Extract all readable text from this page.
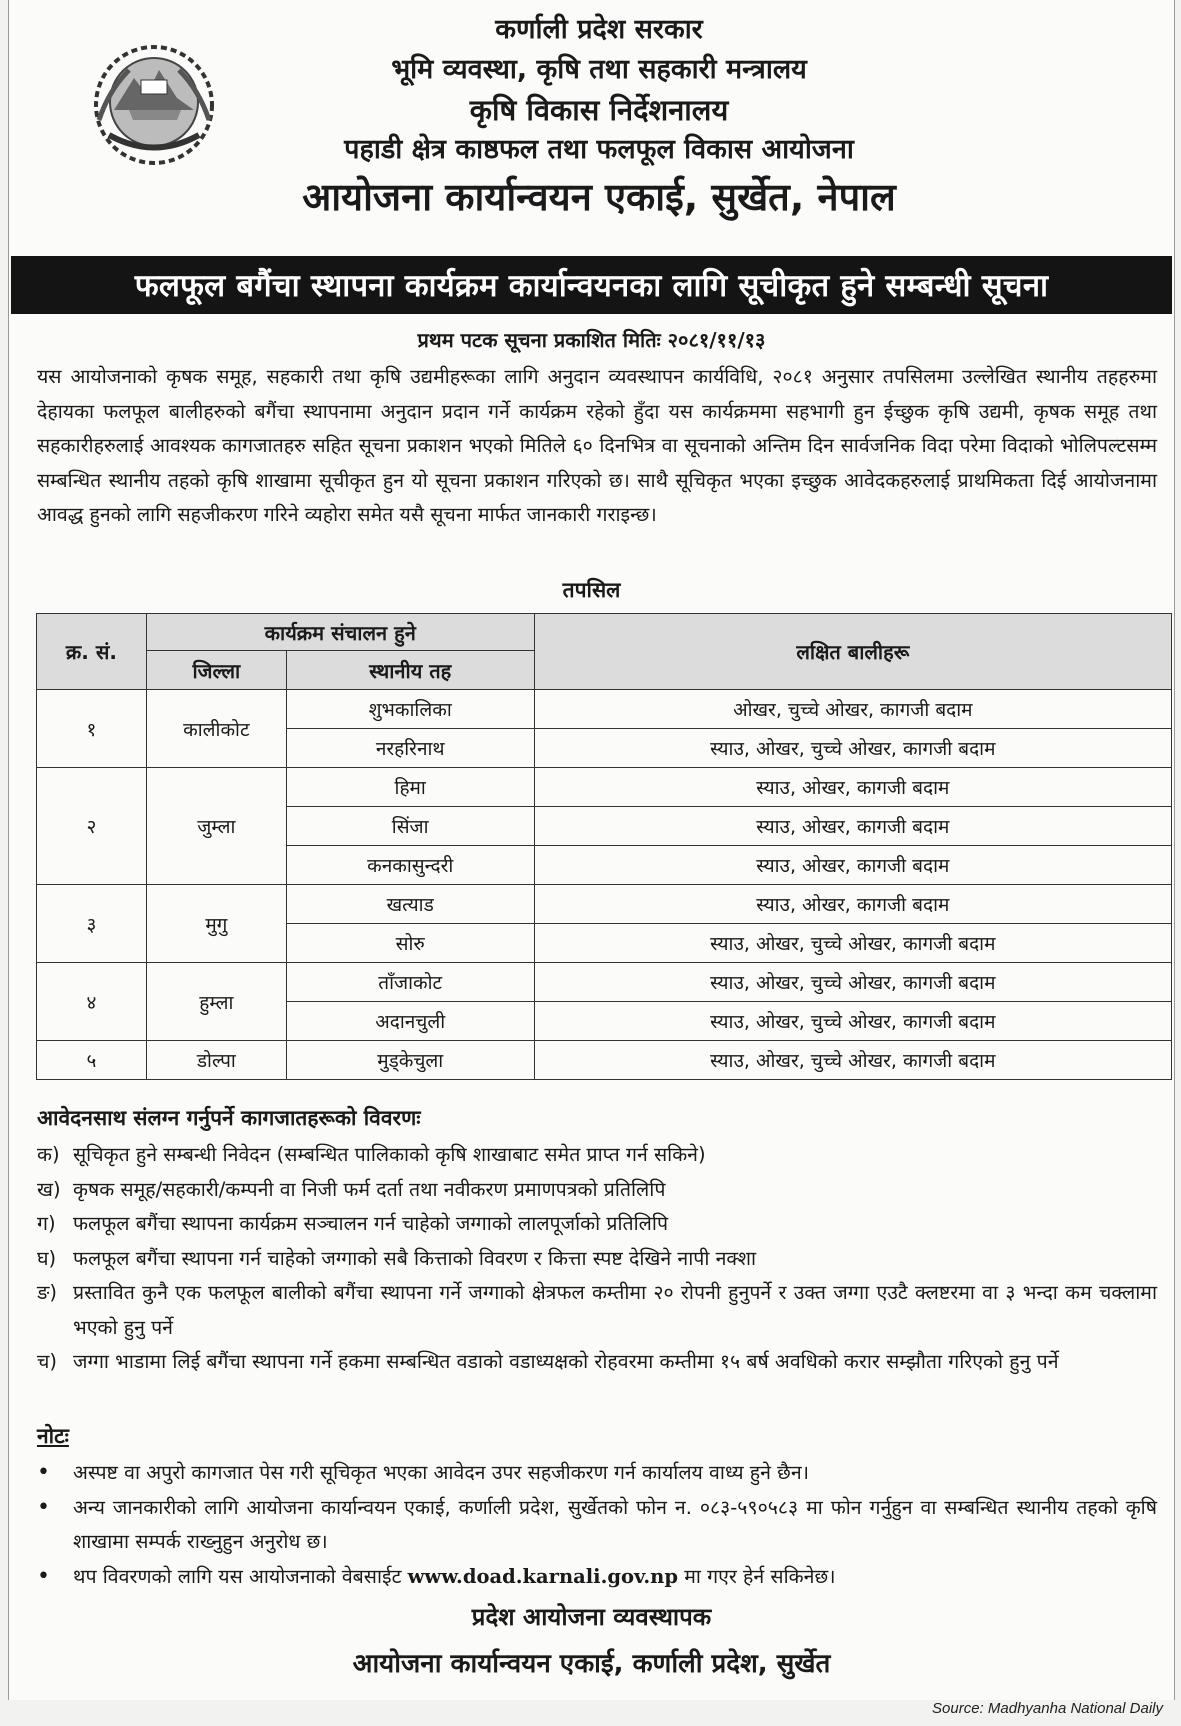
कर्णाली प्रदेश सरकार
भूमि व्यवस्था, कृषि तथा सहकारी मन्त्रालय
कृषि विकास निर्देशनालय
पहाडी क्षेत्र काष्ठफल तथा फलफूल विकास आयोजना
आयोजना कार्यान्वयन एकाई, सुर्खेत, नेपाल
फलफूल बगैंचा स्थापना कार्यक्रम कार्यान्वयनका लागि सूचीकृत हुने सम्बन्धी सूचना
प्रथम पटक सूचना प्रकाशित मितिः २०८१/११/१३
यस आयोजनाको कृषक समूह, सहकारी तथा कृषि उद्यमीहरूका लागि अनुदान व्यवस्थापन कार्यविधि, २०८१ अनुसार तपसिलमा उल्लेखित स्थानीय तहहरुमा देहायका फलफूल बालीहरुको बगैंचा स्थापनामा अनुदान प्रदान गर्ने कार्यक्रम रहेको हुँदा यस कार्यक्रममा सहभागी हुन ईच्छुक कृषि उद्यमी, कृषक समूह तथा सहकारीहरुलाई आवश्यक कागजातहरु सहित सूचना प्रकाशन भएको मितिले ६० दिनभित्र वा सूचनाको अन्तिम दिन सार्वजनिक विदा परेमा विदाको भोलिपल्टसम्म सम्बन्धित स्थानीय तहको कृषि शाखामा सूचीकृत हुन यो सूचना प्रकाशन गरिएको छ। साथै सूचिकृत भएका इच्छुक आवेदकहरुलाई प्राथमिकता दिई आयोजनामा आवद्ध हुनको लागि सहजीकरण गरिने व्यहोरा समेत यसै सूचना मार्फत जानकारी गराइन्छ।
तपसिल
क्र. सं.	कार्यक्रम संचालन हुने		लक्षित बालीहरू
	जिल्ला	स्थानीय तह	
१	कालीकोट	शुभकालिका	ओखर, चुच्चे ओखर, कागजी बदाम
		नरहरिनाथ	स्याउ, ओखर, चुच्चे ओखर, कागजी बदाम
२	जुम्ला	हिमा	स्याउ, ओखर, कागजी बदाम
		सिंजा	स्याउ, ओखर, कागजी बदाम
		कनकासुन्दरी	स्याउ, ओखर, कागजी बदाम
३	मुगु	खत्याड	स्याउ, ओखर, कागजी बदाम
		सोरु	स्याउ, ओखर, चुच्चे ओखर, कागजी बदाम
४	हुम्ला	ताँजाकोट	स्याउ, ओखर, चुच्चे ओखर, कागजी बदाम
		अदानचुली	स्याउ, ओखर, चुच्चे ओखर, कागजी बदाम
५	डोल्पा	मुड्केचुला	स्याउ, ओखर, चुच्चे ओखर, कागजी बदाम
आवेदनसाथ संलग्न गर्नुपर्ने कागजातहरूको विवरणः
क) सूचिकृत हुने सम्बन्धी निवेदन (सम्बन्धित पालिकाको कृषि शाखाबाट समेत प्राप्त गर्न सकिने)
ख) कृषक समूह/सहकारी/कम्पनी वा निजी फर्म दर्ता तथा नवीकरण प्रमाणपत्रको प्रतिलिपि
ग) फलफूल बगैंचा स्थापना कार्यक्रम सञ्चालन गर्न चाहेको जग्गाको लालपूर्जाको प्रतिलिपि
घ) फलफूल बगैंचा स्थापना गर्न चाहेको जग्गाको सबै कित्ताको विवरण र कित्ता स्पष्ट देखिने नापी नक्शा
ङ) प्रस्तावित कुनै एक फलफूल बालीको बगैंचा स्थापना गर्ने जग्गाको क्षेत्रफल कम्तीमा २० रोपनी हुनुपर्ने र उक्त जग्गा एउटै क्लष्टरमा वा ३ भन्दा कम चक्लामा भएको हुनु पर्ने
च) जग्गा भाडामा लिई बगैंचा स्थापना गर्ने हकमा सम्बन्धित वडाको वडाध्यक्षको रोहवरमा कम्तीमा १५ बर्ष अवधिको करार सम्झौता गरिएको हुनु पर्ने
नोटः
•	अस्पष्ट वा अपुरो कागजात पेस गरी सूचिकृत भएका आवेदन उपर सहजीकरण गर्न कार्यालय वाध्य हुने छैन।
•	अन्य जानकारीको लागि आयोजना कार्यान्वयन एकाई, कर्णाली प्रदेश, सुर्खेतको फोन न. ०८३-५९०५८३ मा फोन गर्नुहुन वा सम्बन्धित स्थानीय तहको कृषि शाखामा सम्पर्क राख्नुहुन अनुरोध छ।
•	थप विवरणको लागि यस आयोजनाको वेबसाईट www.doad.karnali.gov.np मा गएर हेर्न सकिनेछ।
प्रदेश आयोजना व्यवस्थापक
आयोजना कार्यान्वयन एकाई, कर्णाली प्रदेश, सुर्खेत
Source: Madhyanha National Daily
